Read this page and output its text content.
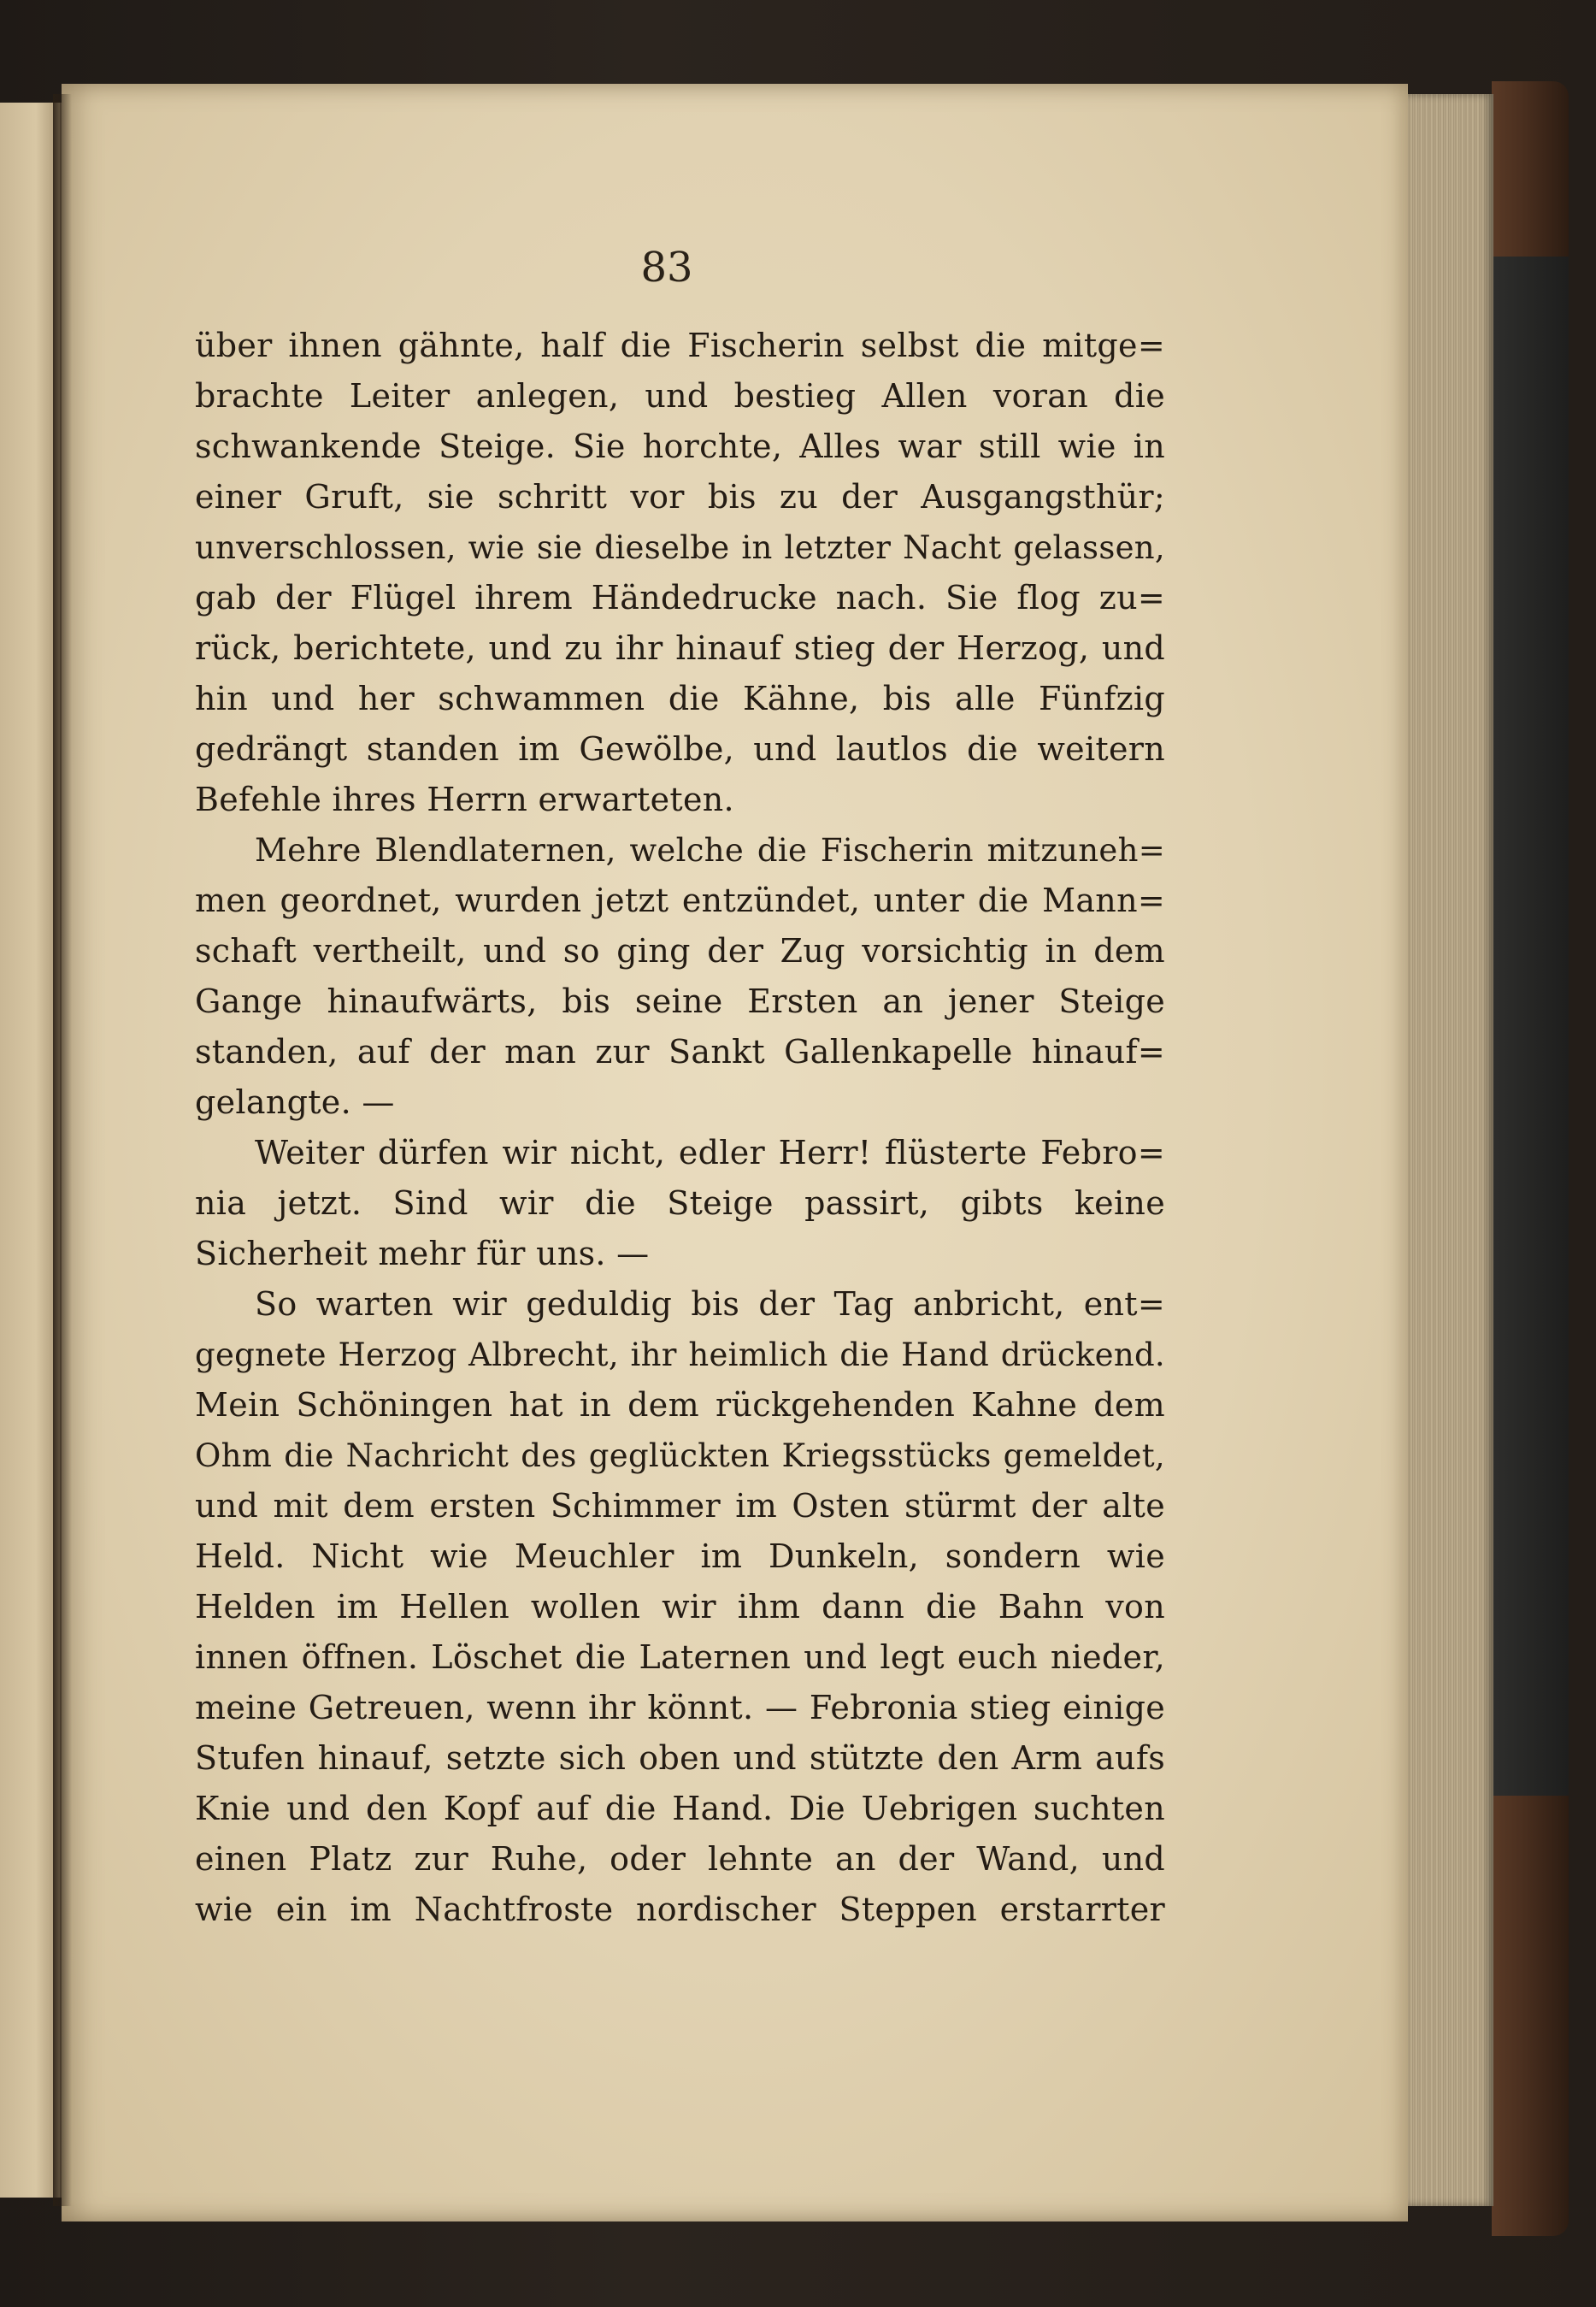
83
über ihnen gähnte, half die Fischerin selbst die mitge=
brachte Leiter anlegen, und bestieg Allen voran die
schwankende Steige. Sie horchte, Alles war still wie in
einer Gruft, sie schritt vor bis zu der Ausgangsthür;
unverschlossen, wie sie dieselbe in letzter Nacht gelassen,
gab der Flügel ihrem Händedrucke nach. Sie flog zu=
rück, berichtete, und zu ihr hinauf stieg der Herzog, und
hin und her schwammen die Kähne, bis alle Fünfzig
gedrängt standen im Gewölbe, und lautlos die weitern
Befehle ihres Herrn erwarteten.
Mehre Blendlaternen, welche die Fischerin mitzuneh=
men geordnet, wurden jetzt entzündet, unter die Mann=
schaft vertheilt, und so ging der Zug vorsichtig in dem
Gange hinaufwärts, bis seine Ersten an jener Steige
standen, auf der man zur Sankt Gallenkapelle hinauf=
gelangte. —
Weiter dürfen wir nicht, edler Herr! flüsterte Febro=
nia jetzt. Sind wir die Steige passirt, gibts keine
Sicherheit mehr für uns. —
So warten wir geduldig bis der Tag anbricht, ent=
gegnete Herzog Albrecht, ihr heimlich die Hand drückend.
Mein Schöningen hat in dem rückgehenden Kahne dem
Ohm die Nachricht des geglückten Kriegsstücks gemeldet,
und mit dem ersten Schimmer im Osten stürmt der alte
Held. Nicht wie Meuchler im Dunkeln, sondern wie
Helden im Hellen wollen wir ihm dann die Bahn von
innen öffnen. Löschet die Laternen und legt euch nieder,
meine Getreuen, wenn ihr könnt. — Febronia stieg einige
Stufen hinauf, setzte sich oben und stützte den Arm aufs
Knie und den Kopf auf die Hand. Die Uebrigen suchten
einen Platz zur Ruhe, oder lehnte an der Wand, und
wie ein im Nachtfroste nordischer Steppen erstarrter
